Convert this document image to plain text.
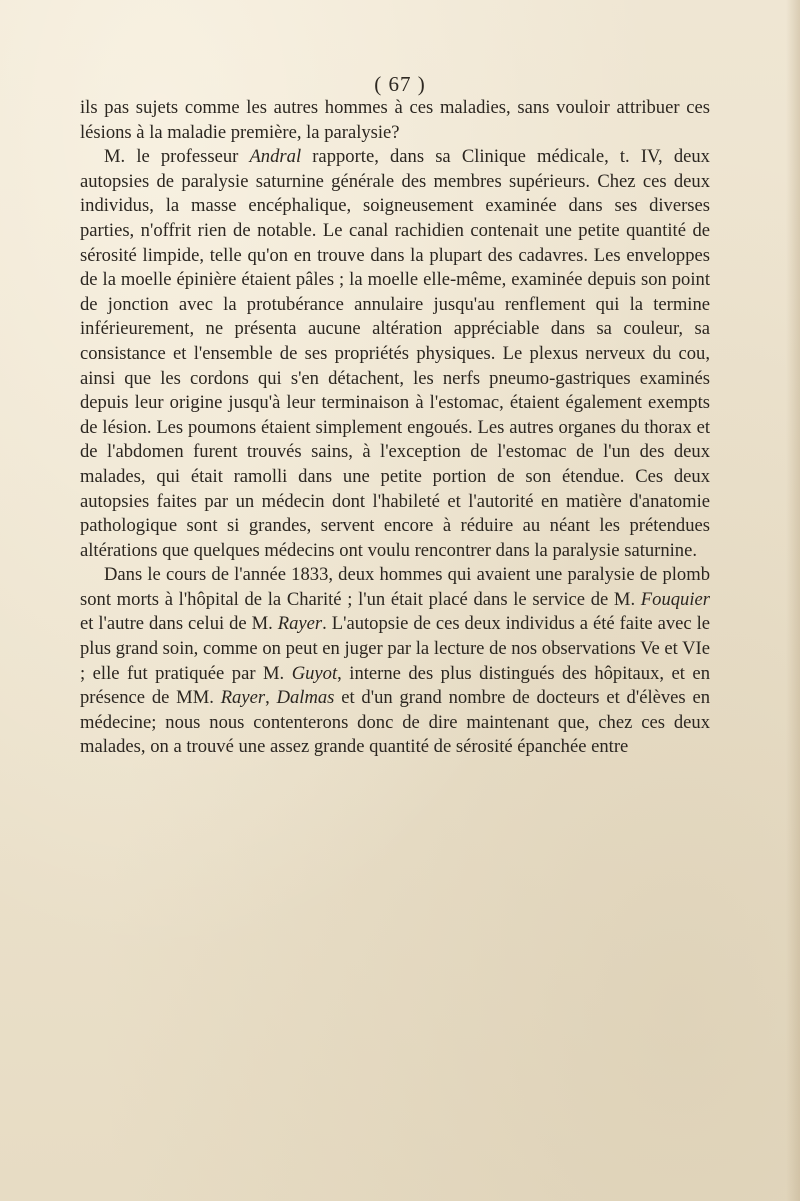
( 67 )

ils pas sujets comme les autres hommes à ces maladies, sans vouloir attribuer ces lésions à la maladie première, la paralysie?

M. le professeur Andral rapporte, dans sa Clinique médicale, t. IV, deux autopsies de paralysie saturnine générale des membres supérieurs. Chez ces deux individus, la masse encéphalique, soigneusement examinée dans ses diverses parties, n'offrit rien de notable. Le canal rachidien contenait une petite quantité de sérosité limpide, telle qu'on en trouve dans la plupart des cadavres. Les enveloppes de la moelle épinière étaient pâles ; la moelle elle-même, examinée depuis son point de jonction avec la protubérance annulaire jusqu'au renflement qui la termine inférieurement, ne présenta aucune altération appréciable dans sa couleur, sa consistance et l'ensemble de ses propriétés physiques. Le plexus nerveux du cou, ainsi que les cordons qui s'en détachent, les nerfs pneumo-gastriques examinés depuis leur origine jusqu'à leur terminaison à l'estomac, étaient également exempts de lésion. Les poumons étaient simplement engoués. Les autres organes du thorax et de l'abdomen furent trouvés sains, à l'exception de l'estomac de l'un des deux malades, qui était ramolli dans une petite portion de son étendue. Ces deux autopsies faites par un médecin dont l'habileté et l'autorité en matière d'anatomie pathologique sont si grandes, servent encore à réduire au néant les prétendues altérations que quelques médecins ont voulu rencontrer dans la paralysie saturnine.

Dans le cours de l'année 1833, deux hommes qui avaient une paralysie de plomb sont morts à l'hôpital de la Charité ; l'un était placé dans le service de M. Fouquier et l'autre dans celui de M. Rayer. L'autopsie de ces deux individus a été faite avec le plus grand soin, comme on peut en juger par la lecture de nos observations Ve et VIe ; elle fut pratiquée par M. Guyot, interne des plus distingués des hôpitaux, et en présence de MM. Rayer, Dalmas et d'un grand nombre de docteurs et d'élèves en médecine; nous nous contenterons donc de dire maintenant que, chez ces deux malades, on a trouvé une assez grande quantité de sérosité épanchée entre
